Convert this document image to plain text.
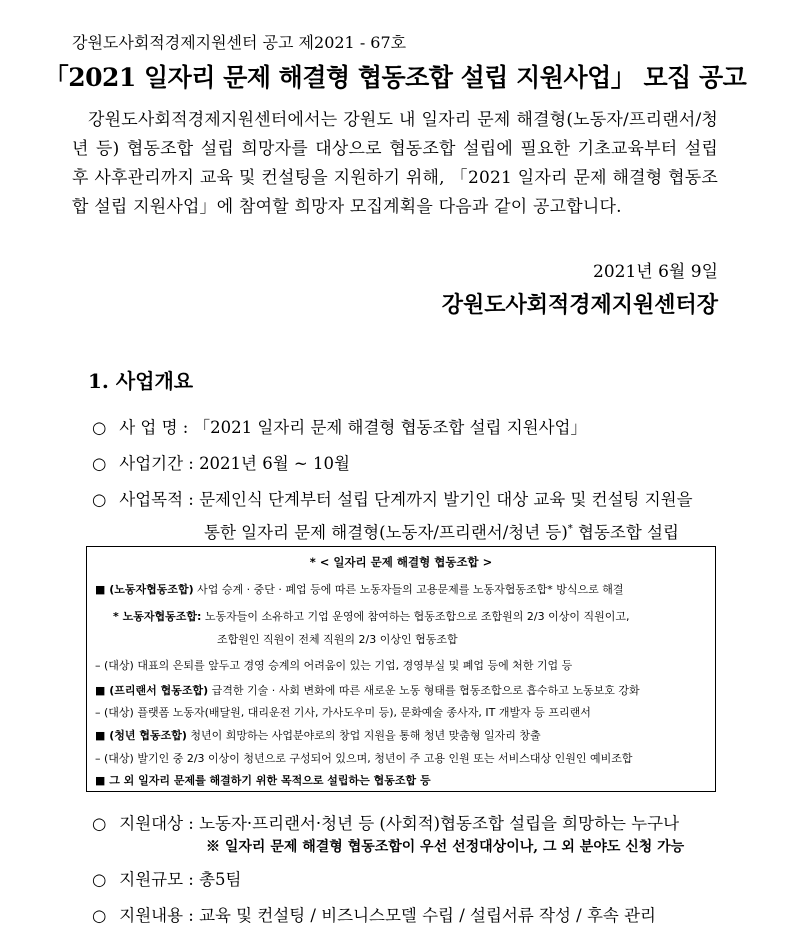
강원도사회적경제지원센터 공고 제2021 - 67호
「2021 일자리 문제 해결형 협동조합 설립 지원사업」 모집 공고
강원도사회적경제지원센터에서는 강원도 내 일자리 문제 해결형(노동자/프리랜서/청년 등) 협동조합 설립 희망자를 대상으로 협동조합 설립에 필요한 기초교육부터 설립 후 사후관리까지 교육 및 컨설팅을 지원하기 위해, 「2021 일자리 문제 해결형 협동조합 설립 지원사업」에 참여할 희망자 모집계획을 다음과 같이 공고합니다.
2021년 6월 9일
강원도사회적경제지원센터장
1. 사업개요
○ 사 업 명 : 「2021 일자리 문제 해결형 협동조합 설립 지원사업」
○ 사업기간 : 2021년 6월 ~ 10월
○ 사업목적 : 문제인식 단계부터 설립 단계까지 발기인 대상 교육 및 컨설팅 지원을
통한 일자리 문제 해결형(노동자/프리랜서/청년 등)* 협동조합 설립
* < 일자리 문제 해결형 협동조합 >
■ (노동자협동조합) 사업 승계 · 중단 · 폐업 등에 따른 노동자들의 고용문제를 노동자협동조합* 방식으로 해결
* 노동자협동조합: 노동자들이 소유하고 기업 운영에 참여하는 협동조합으로 조합원의 2/3 이상이 직원이고,
조합원인 직원이 전체 직원의 2/3 이상인 협동조합
– (대상) 대표의 은퇴를 앞두고 경영 승계의 어려움이 있는 기업, 경영부실 및 폐업 등에 처한 기업 등
■ (프리랜서 협동조합) 급격한 기술 · 사회 변화에 따른 새로운 노동 형태를 협동조합으로 흡수하고 노동보호 강화
– (대상) 플랫폼 노동자(배달원, 대리운전 기사, 가사도우미 등), 문화예술 종사자, IT 개발자 등 프리랜서
■ (청년 협동조합) 청년이 희망하는 사업분야로의 창업 지원을 통해 청년 맞춤형 일자리 창출
– (대상) 발기인 중 2/3 이상이 청년으로 구성되어 있으며, 청년이 주 고용 인원 또는 서비스대상 인원인 예비조합
■ 그 외 일자리 문제를 해결하기 위한 목적으로 설립하는 협동조합 등
○ 지원대상 : 노동자·프리랜서·청년 등 (사회적)협동조합 설립을 희망하는 누구나
※ 일자리 문제 해결형 협동조합이 우선 선정대상이나, 그 외 분야도 신청 가능
○ 지원규모 : 총5팀
○ 지원내용 : 교육 및 컨설팅 / 비즈니스모델 수립 / 설립서류 작성 / 후속 관리
